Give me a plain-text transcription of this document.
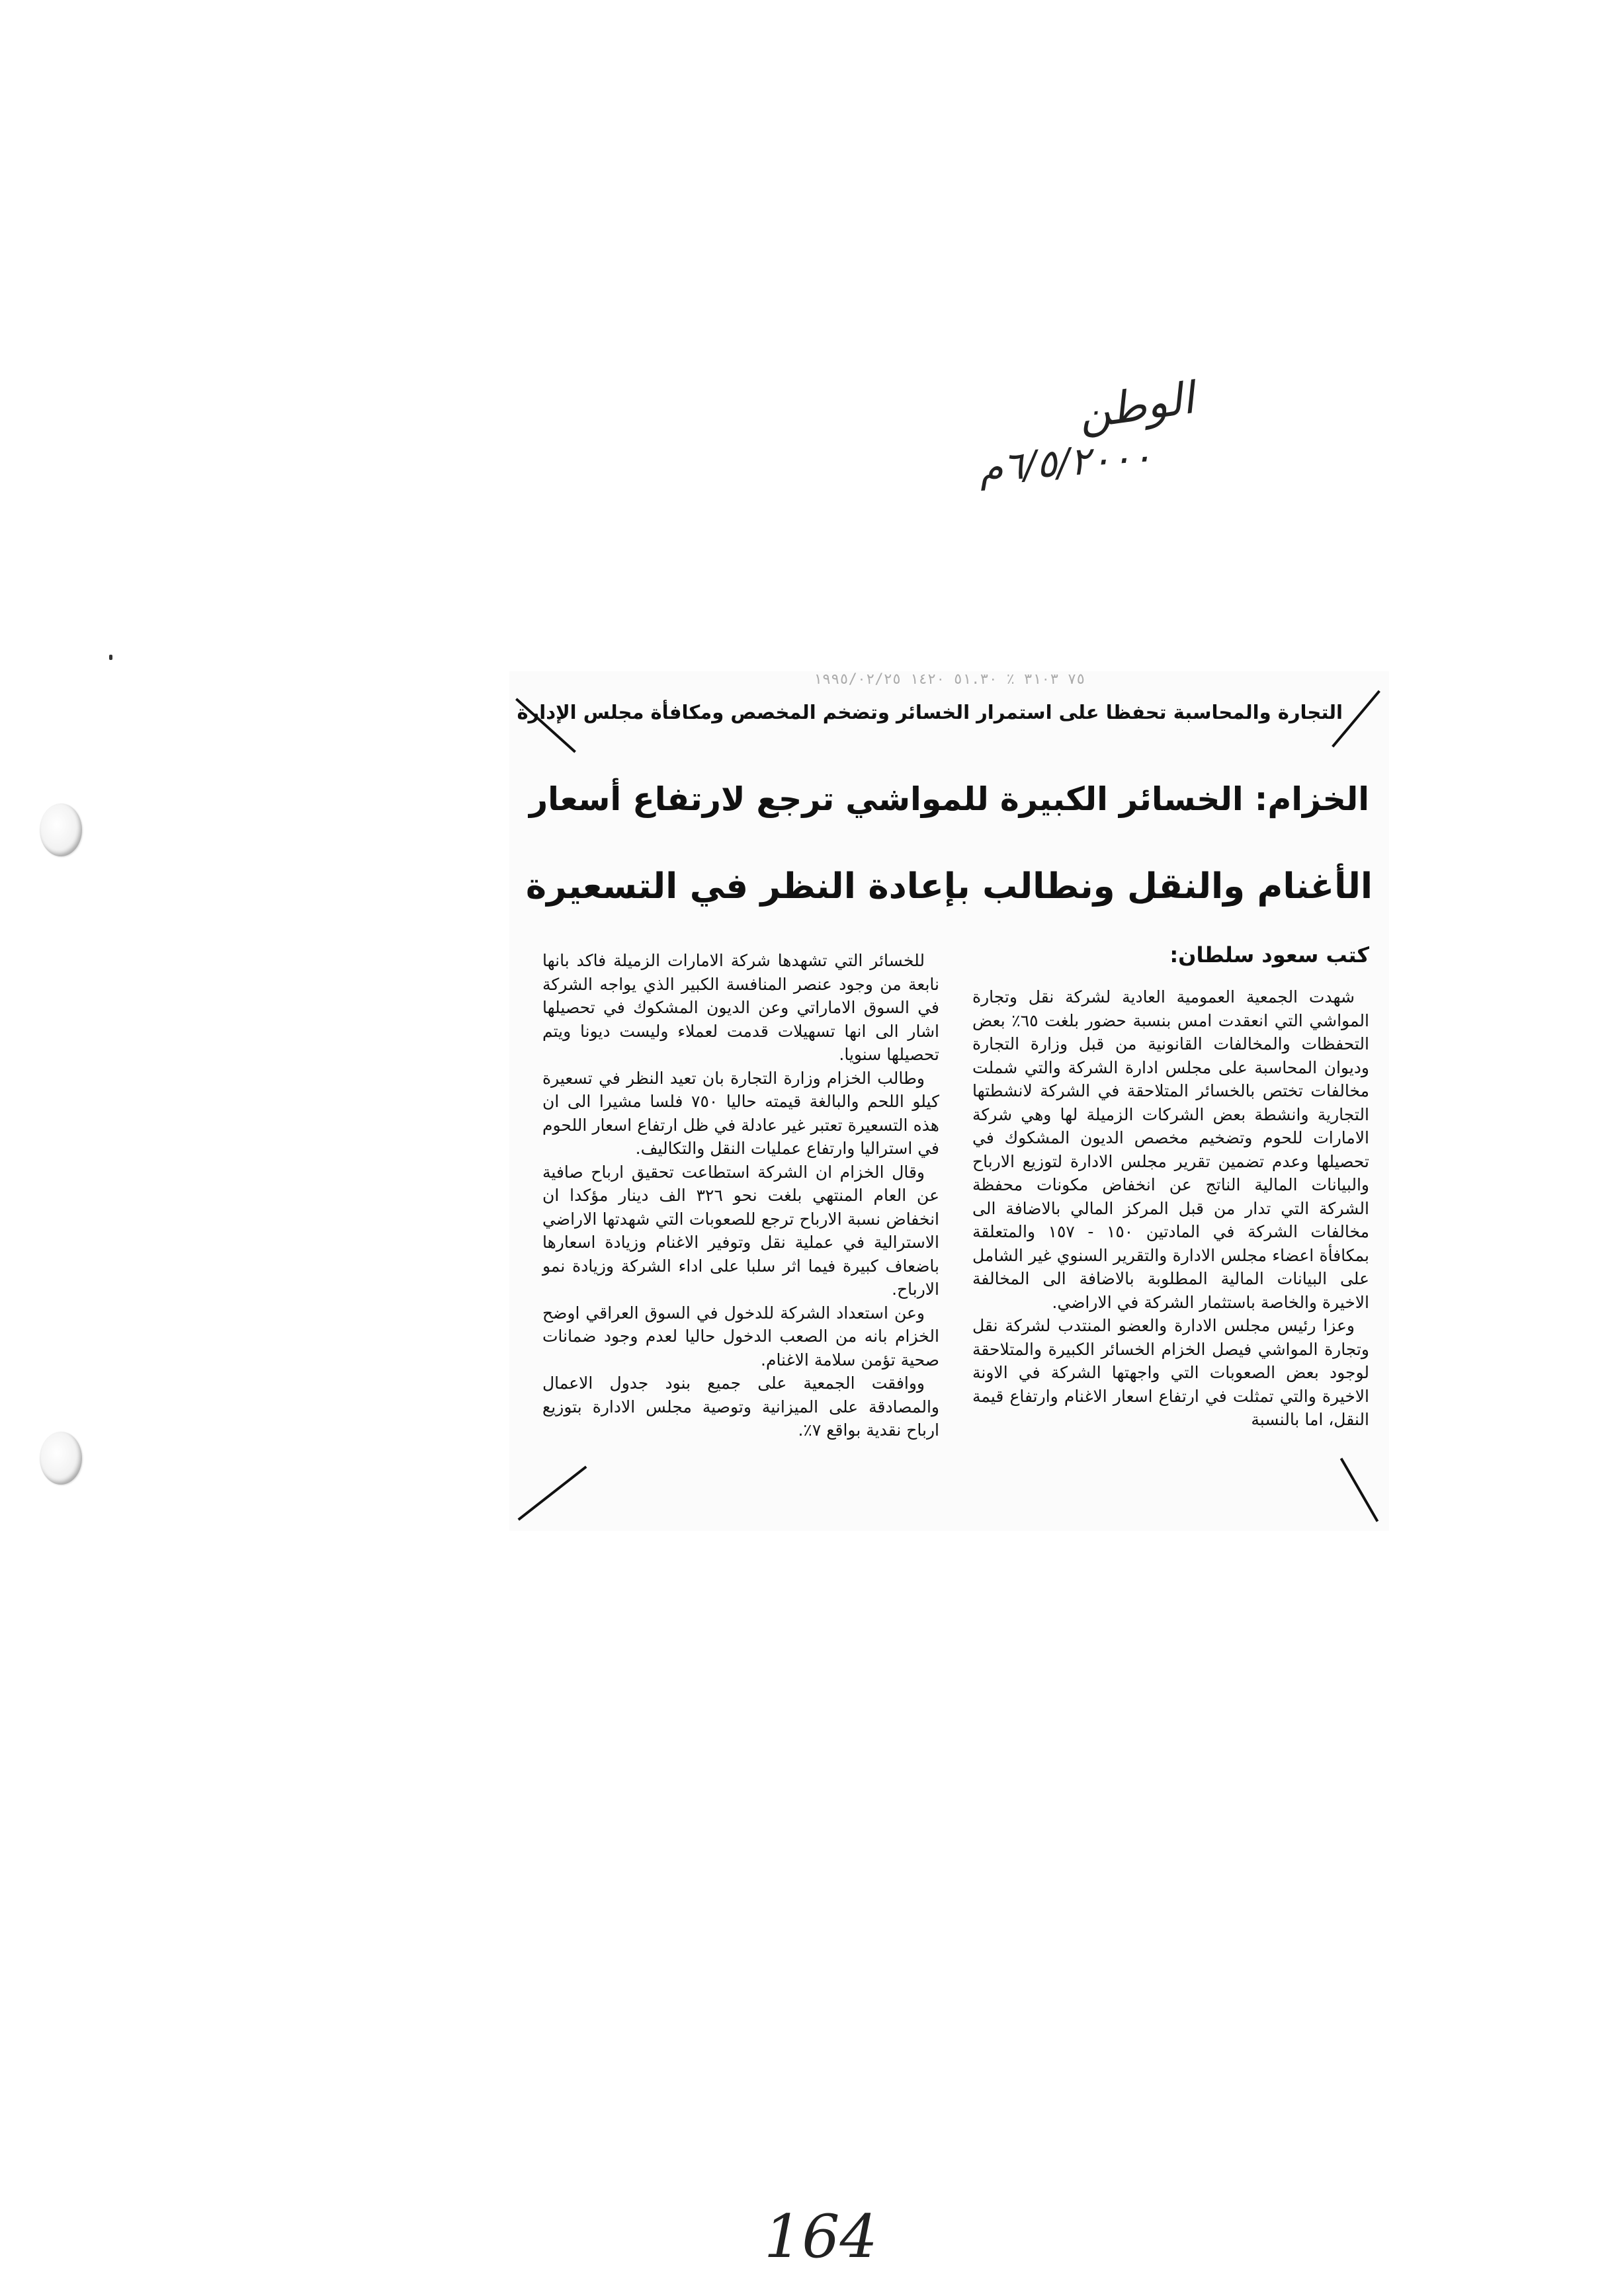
الوطن
٦/٥/٢٠٠٠م
164
٧٥ ٣١٠٣ ٪ ٥١.٣٠ ١٤٢٠ ١٩٩٥/٠٢/٢٥
التجارة والمحاسبة تحفظا على استمرار الخسائر وتضخم المخصص ومكافأة مجلس الإدارة
الخزام: الخسائر الكبيرة للمواشي ترجع لارتفاع أسعار
الأغنام والنقل ونطالب بإعادة النظر في التسعيرة
كتب سعود سلطان:

شهدت الجمعية العمومية العادية لشركة نقل وتجارة المواشي التي انعقدت امس بنسبة حضور بلغت ٦٥٪ بعض التحفظات والمخالفات القانونية من قبل وزارة التجارة وديوان المحاسبة على مجلس ادارة الشركة والتي شملت مخالفات تختص بالخسائر المتلاحقة في الشركة لانشطتها التجارية وانشطة بعض الشركات الزميلة لها وهي شركة الامارات للحوم وتضخيم مخصص الديون المشكوك في تحصيلها وعدم تضمين تقرير مجلس الادارة لتوزيع الارباح والبيانات المالية الناتج عن انخفاض مكونات محفظة الشركة التي تدار من قبل المركز المالي بالاضافة الى مخالفات الشركة في المادتين ١٥٠ - ١٥٧ والمتعلقة بمكافأة اعضاء مجلس الادارة والتقرير السنوي غير الشامل على البيانات المالية المطلوبة بالاضافة الى المخالفة الاخيرة والخاصة باستثمار الشركة في الاراضي.

وعزا رئيس مجلس الادارة والعضو المنتدب لشركة نقل وتجارة المواشي فيصل الخزام الخسائر الكبيرة والمتلاحقة لوجود بعض الصعوبات التي واجهتها الشركة في الاونة الاخيرة والتي تمثلت في ارتفاع اسعار الاغنام وارتفاع قيمة النقل، اما بالنسبة

للخسائر التي تشهدها شركة الامارات الزميلة فاكد بانها نابعة من وجود عنصر المنافسة الكبير الذي يواجه الشركة في السوق الاماراتي وعن الديون المشكوك في تحصيلها اشار الى انها تسهيلات قدمت لعملاء وليست ديونا ويتم تحصيلها سنويا.

وطالب الخزام وزارة التجارة بان تعيد النظر في تسعيرة كيلو اللحم والبالغة قيمته حاليا ٧٥٠ فلسا مشيرا الى ان هذه التسعيرة تعتبر غير عادلة في ظل ارتفاع اسعار اللحوم في استراليا وارتفاع عمليات النقل والتكاليف.

وقال الخزام ان الشركة استطاعت تحقيق ارباح صافية عن العام المنتهي بلغت نحو ٣٢٦ الف دينار مؤكدا ان انخفاض نسبة الارباح ترجع للصعوبات التي شهدتها الاراضي الاسترالية في عملية نقل وتوفير الاغنام وزيادة اسعارها باضعاف كبيرة فيما اثر سلبا على اداء الشركة وزيادة نمو الارباح.

وعن استعداد الشركة للدخول في السوق العراقي اوضح الخزام بانه من الصعب الدخول حاليا لعدم وجود ضمانات صحية تؤمن سلامة الاغنام.

ووافقت الجمعية على جميع بنود جدول الاعمال والمصادقة على الميزانية وتوصية مجلس الادارة بتوزيع ارباح نقدية بواقع ٧٪.
